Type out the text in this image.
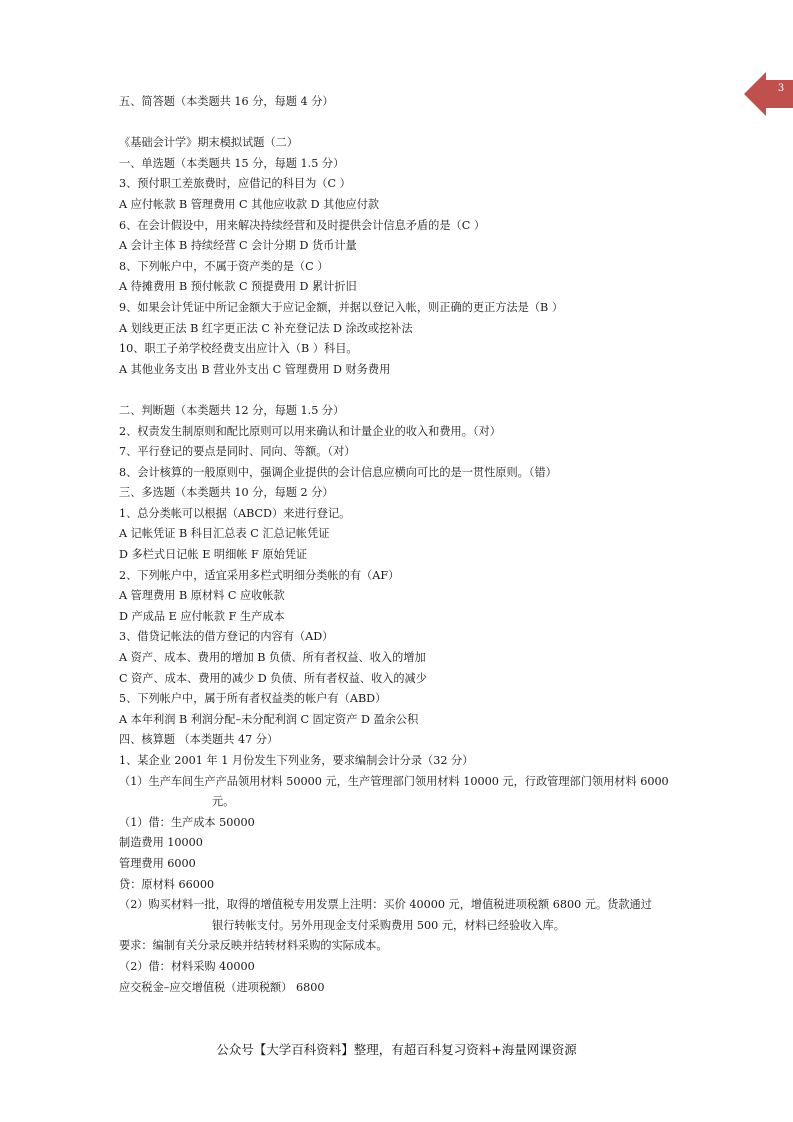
3
五、简答题（本类题共 16 分，每题 4 分）
《基础会计学》期末模拟试题（二）
一、单选题（本类题共 15 分，每题 1.5 分）
3、预付职工差旅费时，应借记的科目为（C ）
A 应付帐款 B 管理费用 C 其他应收款 D 其他应付款
6、在会计假设中，用来解决持续经营和及时提供会计信息矛盾的是（C ）
A 会计主体 B 持续经营 C 会计分期 D 货币计量
8、下列帐户中，不属于资产类的是（C ）
A 待摊费用 B 预付帐款 C 预提费用 D 累计折旧
9、如果会计凭证中所记金额大于应记金额，并据以登记入帐，则正确的更正方法是（B ）
A 划线更正法 B 红字更正法 C 补充登记法 D 涂改或挖补法
10、职工子弟学校经费支出应计入（B ）科目。
A 其他业务支出 B 营业外支出 C 管理费用 D 财务费用
二、判断题（本类题共 12 分，每题 1.5 分）
2、权责发生制原则和配比原则可以用来确认和计量企业的收入和费用。（对）
7、平行登记的要点是同时、同向、等额。（对）
8、会计核算的一般原则中，强调企业提供的会计信息应横向可比的是一贯性原则。（错）
三、多选题（本类题共 10 分，每题 2 分）
1、总分类帐可以根据（ABCD）来进行登记。
A 记帐凭证 B 科目汇总表 C 汇总记帐凭证
D 多栏式日记帐 E 明细帐 F 原始凭证
2、下列帐户中，适宜采用多栏式明细分类帐的有（AF）
A 管理费用 B 原材料 C 应收帐款
D 产成品 E 应付帐款 F 生产成本
3、借贷记帐法的借方登记的内容有（AD）
A 资产、成本、费用的增加 B 负债、所有者权益、收入的增加
C 资产、成本、费用的减少 D 负债、所有者权益、收入的减少
5、下列帐户中，属于所有者权益类的帐户有（ABD）
A 本年利润 B 利润分配–未分配利润 C 固定资产 D 盈余公积
四、核算题 （本类题共 47 分）
1、某企业 2001 年 1 月份发生下列业务，要求编制会计分录（32 分）
（1）生产车间生产产品领用材料 50000 元，生产管理部门领用材料 10000 元，行政管理部门领用材料 6000
元。
（1）借：生产成本 50000
制造费用 10000
管理费用 6000
贷：原材料 66000
（2）购买材料一批，取得的增值税专用发票上注明：买价 40000 元，增值税进项税额 6800 元。货款通过
银行转帐支付。另外用现金支付采购费用 500 元，材料已经验收入库。
要求：编制有关分录反映并结转材料采购的实际成本。
（2）借：材料采购 40000
应交税金–应交增值税（进项税额） 6800
公众号【大学百科资料】整理，有超百科复习资料+海量网课资源
